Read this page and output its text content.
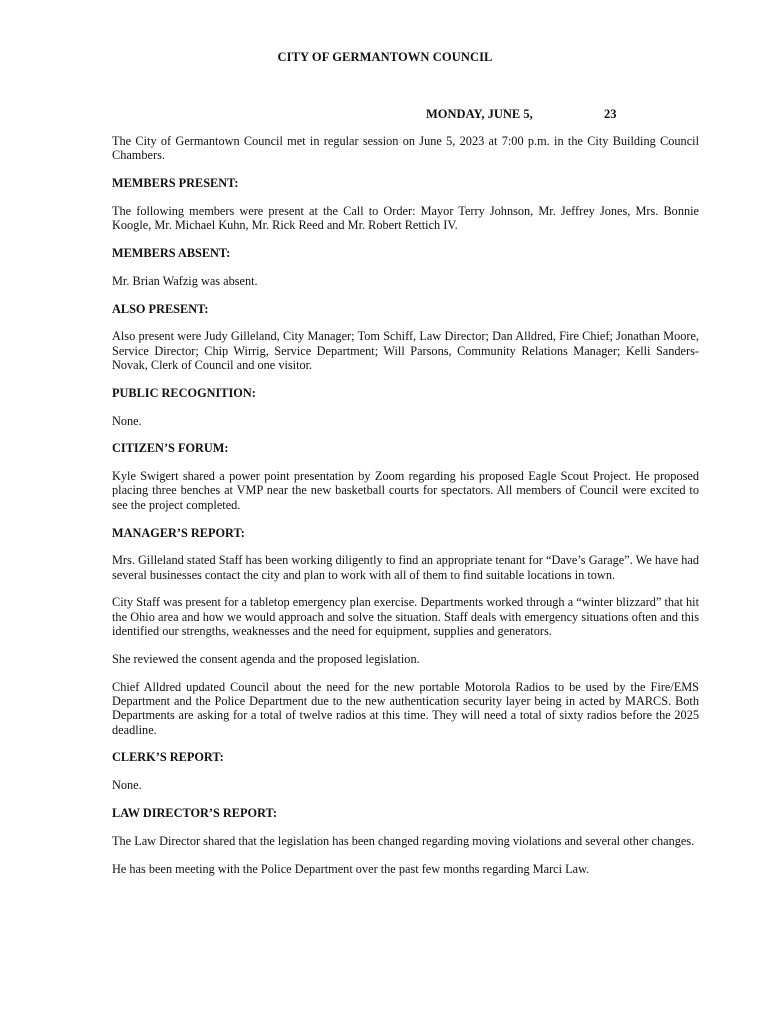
CITY OF GERMANTOWN COUNCIL
MONDAY, JUNE 5,	23

The City of Germantown Council met in regular session on June 5, 2023 at 7:00 p.m. in the City Building Council Chambers.

MEMBERS PRESENT:

The following members were present at the Call to Order: Mayor Terry Johnson, Mr. Jeffrey Jones, Mrs. Bonnie Koogle, Mr. Michael Kuhn, Mr. Rick Reed and Mr. Robert Rettich IV.

MEMBERS ABSENT:

Mr. Brian Wafzig was absent.

ALSO PRESENT:

Also present were Judy Gilleland, City Manager; Tom Schiff, Law Director; Dan Alldred, Fire Chief; Jonathan Moore, Service Director; Chip Wirrig, Service Department; Will Parsons, Community Relations Manager; Kelli Sanders-Novak, Clerk of Council and one visitor.

PUBLIC RECOGNITION:

None.

CITIZEN’S FORUM:

Kyle Swigert shared a power point presentation by Zoom regarding his proposed Eagle Scout Project. He proposed placing three benches at VMP near the new basketball courts for spectators. All members of Council were excited to see the project completed.

MANAGER’S REPORT:

Mrs. Gilleland stated Staff has been working diligently to find an appropriate tenant for “Dave’s Garage”. We have had several businesses contact the city and plan to work with all of them to find suitable locations in town.

City Staff was present for a tabletop emergency plan exercise. Departments worked through a “winter blizzard” that hit the Ohio area and how we would approach and solve the situation. Staff deals with emergency situations often and this identified our strengths, weaknesses and the need for equipment, supplies and generators.

She reviewed the consent agenda and the proposed legislation.

Chief Alldred updated Council about the need for the new portable Motorola Radios to be used by the Fire/EMS Department and the Police Department due to the new authentication security layer being in acted by MARCS. Both Departments are asking for a total of twelve radios at this time. They will need a total of sixty radios before the 2025 deadline.

CLERK’S REPORT:

None.

LAW DIRECTOR’S REPORT:

The Law Director shared that the legislation has been changed regarding moving violations and several other changes.

He has been meeting with the Police Department over the past few months regarding Marci Law.
